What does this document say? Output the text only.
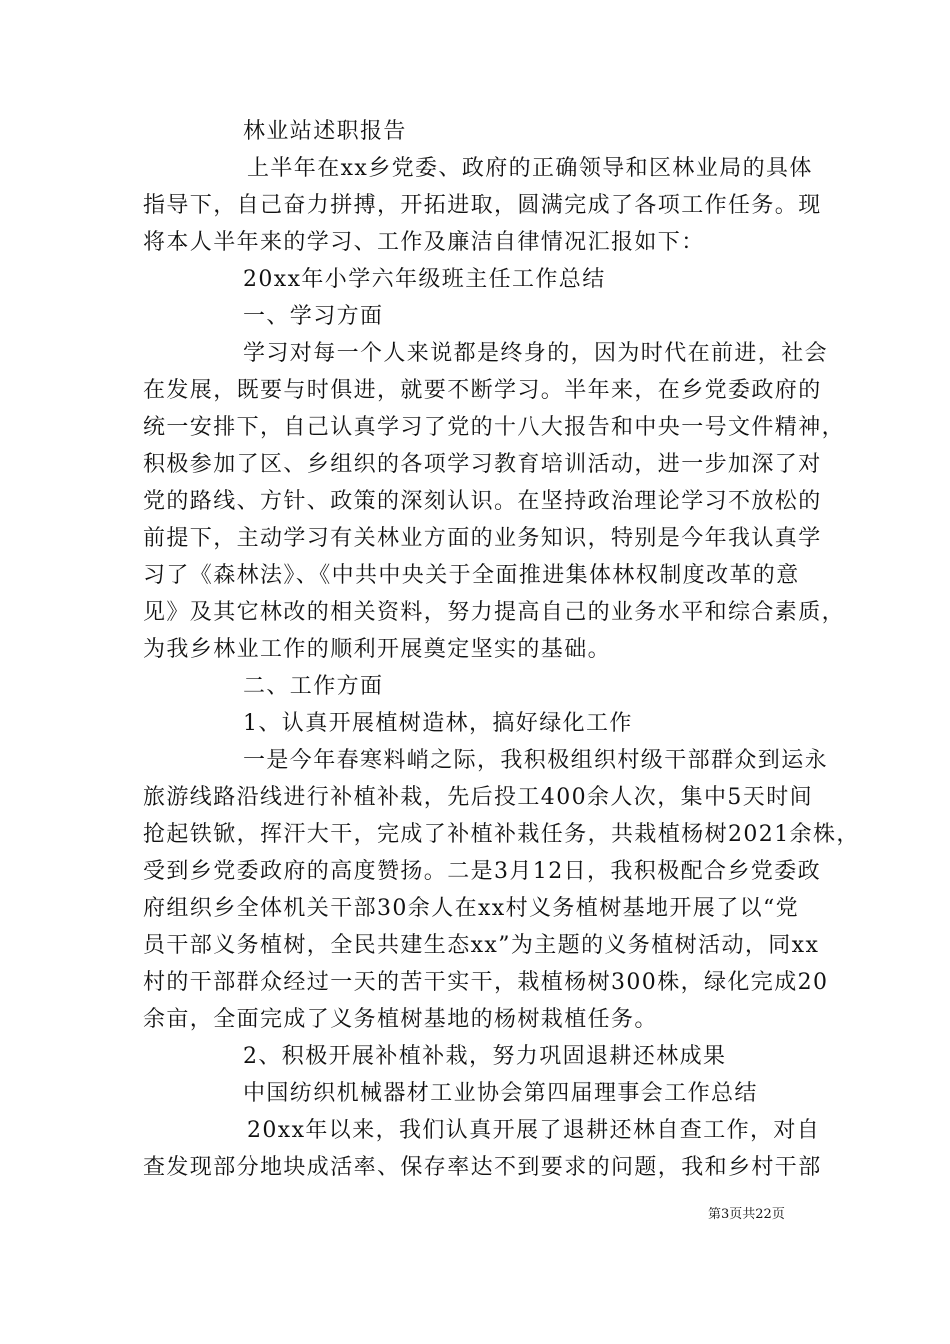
林业站述职报告
上半年在xx乡党委、政府的正确领导和区林业局的具体
指导下，自己奋力拼搏，开拓进取，圆满完成了各项工作任务。现
将本人半年来的学习、工作及廉洁自律情况汇报如下：
20xx年小学六年级班主任工作总结
一、学习方面
学习对每一个人来说都是终身的，因为时代在前进，社会
在发展，既要与时俱进，就要不断学习。半年来，在乡党委政府的
统一安排下，自己认真学习了党的十八大报告和中央一号文件精神，
积极参加了区、乡组织的各项学习教育培训活动，进一步加深了对
党的路线、方针、政策的深刻认识。在坚持政治理论学习不放松的
前提下，主动学习有关林业方面的业务知识，特别是今年我认真学
习了《森林法》、《中共中央关于全面推进集体林权制度改革的意
见》及其它林改的相关资料，努力提高自己的业务水平和综合素质，
为我乡林业工作的顺利开展奠定坚实的基础。
二、工作方面
1、认真开展植树造林，搞好绿化工作
一是今年春寒料峭之际，我积极组织村级干部群众到运永
旅游线路沿线进行补植补栽，先后投工400余人次，集中5天时间
抢起铁锨，挥汗大干，完成了补植补栽任务，共栽植杨树2021余株，
受到乡党委政府的高度赞扬。二是3月12日，我积极配合乡党委政
府组织乡全体机关干部30余人在xx村义务植树基地开展了以“党
员干部义务植树，全民共建生态xx”为主题的义务植树活动，同xx
村的干部群众经过一天的苦干实干，栽植杨树300株，绿化完成20
余亩，全面完成了义务植树基地的杨树栽植任务。
2、积极开展补植补栽，努力巩固退耕还林成果
中国纺织机械器材工业协会第四届理事会工作总结
20xx年以来，我们认真开展了退耕还林自查工作，对自
查发现部分地块成活率、保存率达不到要求的问题，我和乡村干部
第3页共22页
